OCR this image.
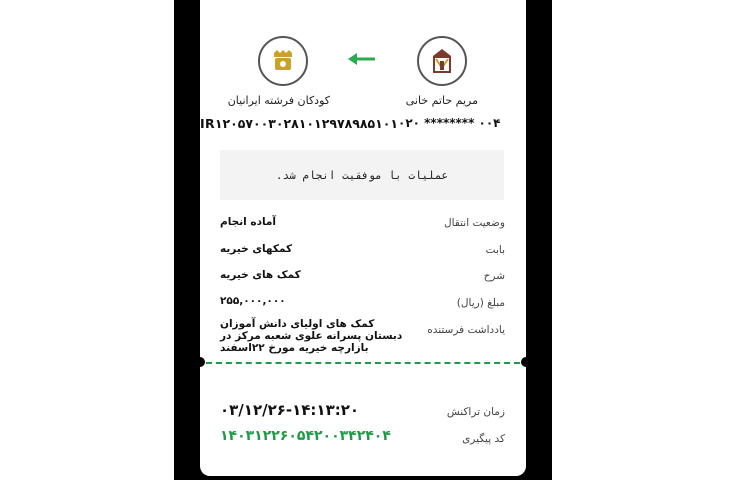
مریم حاتم خانی
کودکان فرشته ایرانیان
۰۲۰ ******** ۰۰۴
IR۱۲۰۵۷۰۰۳۰۲۸۱۰۱۲۹۷۸۹۸۵۱۰۱
عملیات با موفقیت انجام شد.
وضعیت انتقال
آماده انجام
بابت
کمکهای خیریه
شرح
کمک های خیریه
مبلغ (ریال)
۲۵۵,۰۰۰,۰۰۰
یادداشت فرستنده
کمک های اولیای دانش آموزان دبستان پسرانه علوی شعبه مرکز در بازارچه خیریه مورخ ۲۲اسفند
زمان تراکنش
۰۳/۱۲/۲۶-۱۴:۱۳:۲۰
کد پیگیری
۱۴۰۳۱۲۲۶۰۵۴۲۰۰۳۴۲۴۰۴
